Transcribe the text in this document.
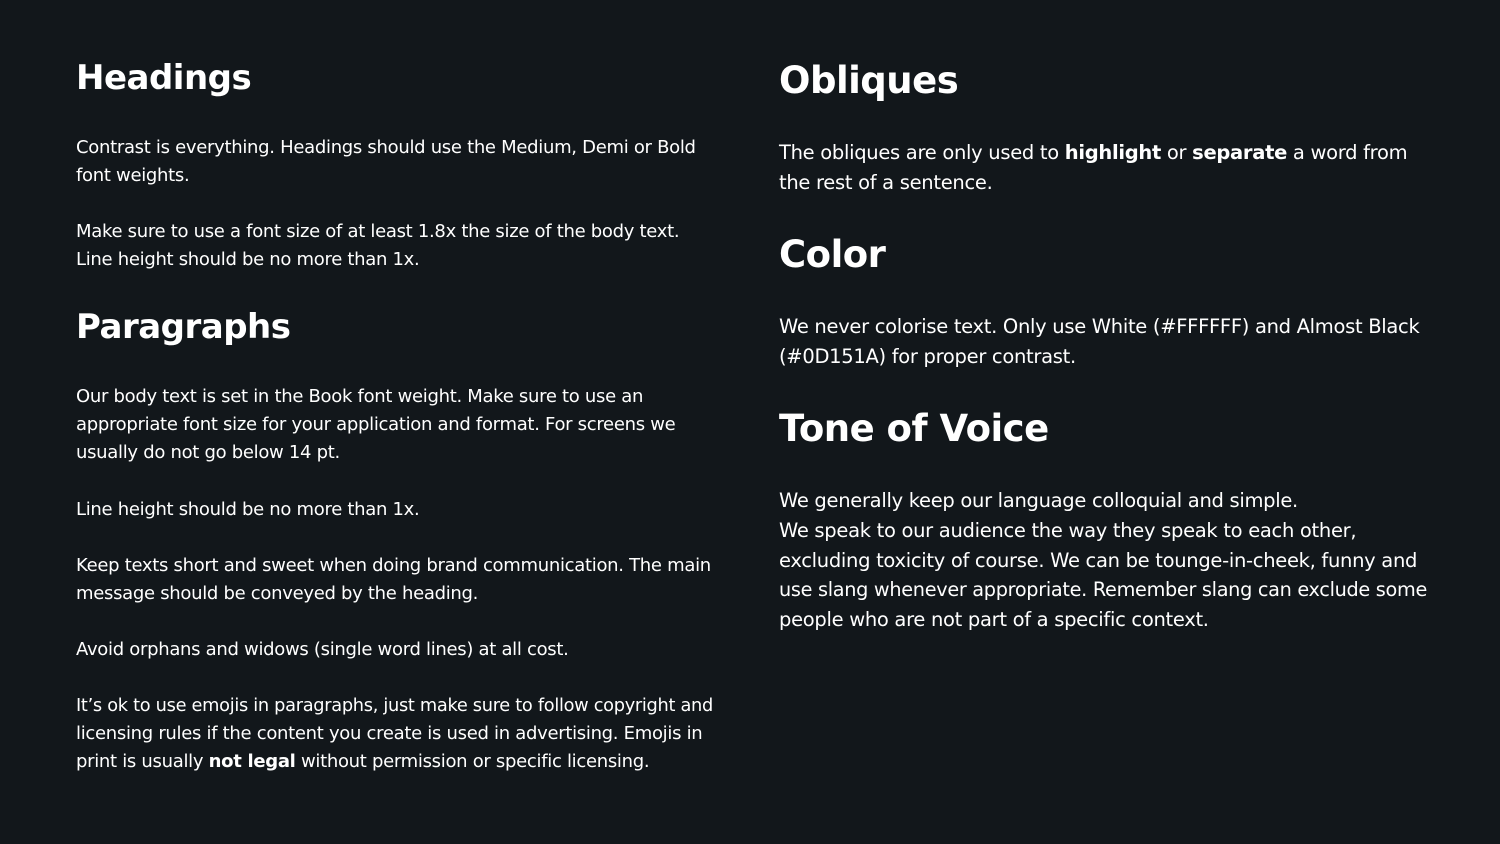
Headings

Contrast is everything. Headings should use the Medium, Demi or Bold
font weights.

Make sure to use a font size of at least 1.8x the size of the body text.
Line height should be no more than 1x.

Paragraphs

Our body text is set in the Book font weight. Make sure to use an
appropriate font size for your application and format. For screens we
usually do not go below 14 pt.

Line height should be no more than 1x.

Keep texts short and sweet when doing brand communication. The main
message should be conveyed by the heading.

Avoid orphans and widows (single word lines) at all cost.

It’s ok to use emojis in paragraphs, just make sure to follow copyright and
licensing rules if the content you create is used in advertising. Emojis in
print is usually not legal without permission or specific licensing.

Obliques

The obliques are only used to highlight or separate a word from
the rest of a sentence.

Color

We never colorise text. Only use White (#FFFFFF) and Almost Black
(#0D151A) for proper contrast.

Tone of Voice

We generally keep our language colloquial and simple.
We speak to our audience the way they speak to each other,
excluding toxicity of course. We can be tounge-in-cheek, funny and
use slang whenever appropriate. Remember slang can exclude some
people who are not part of a specific context.
